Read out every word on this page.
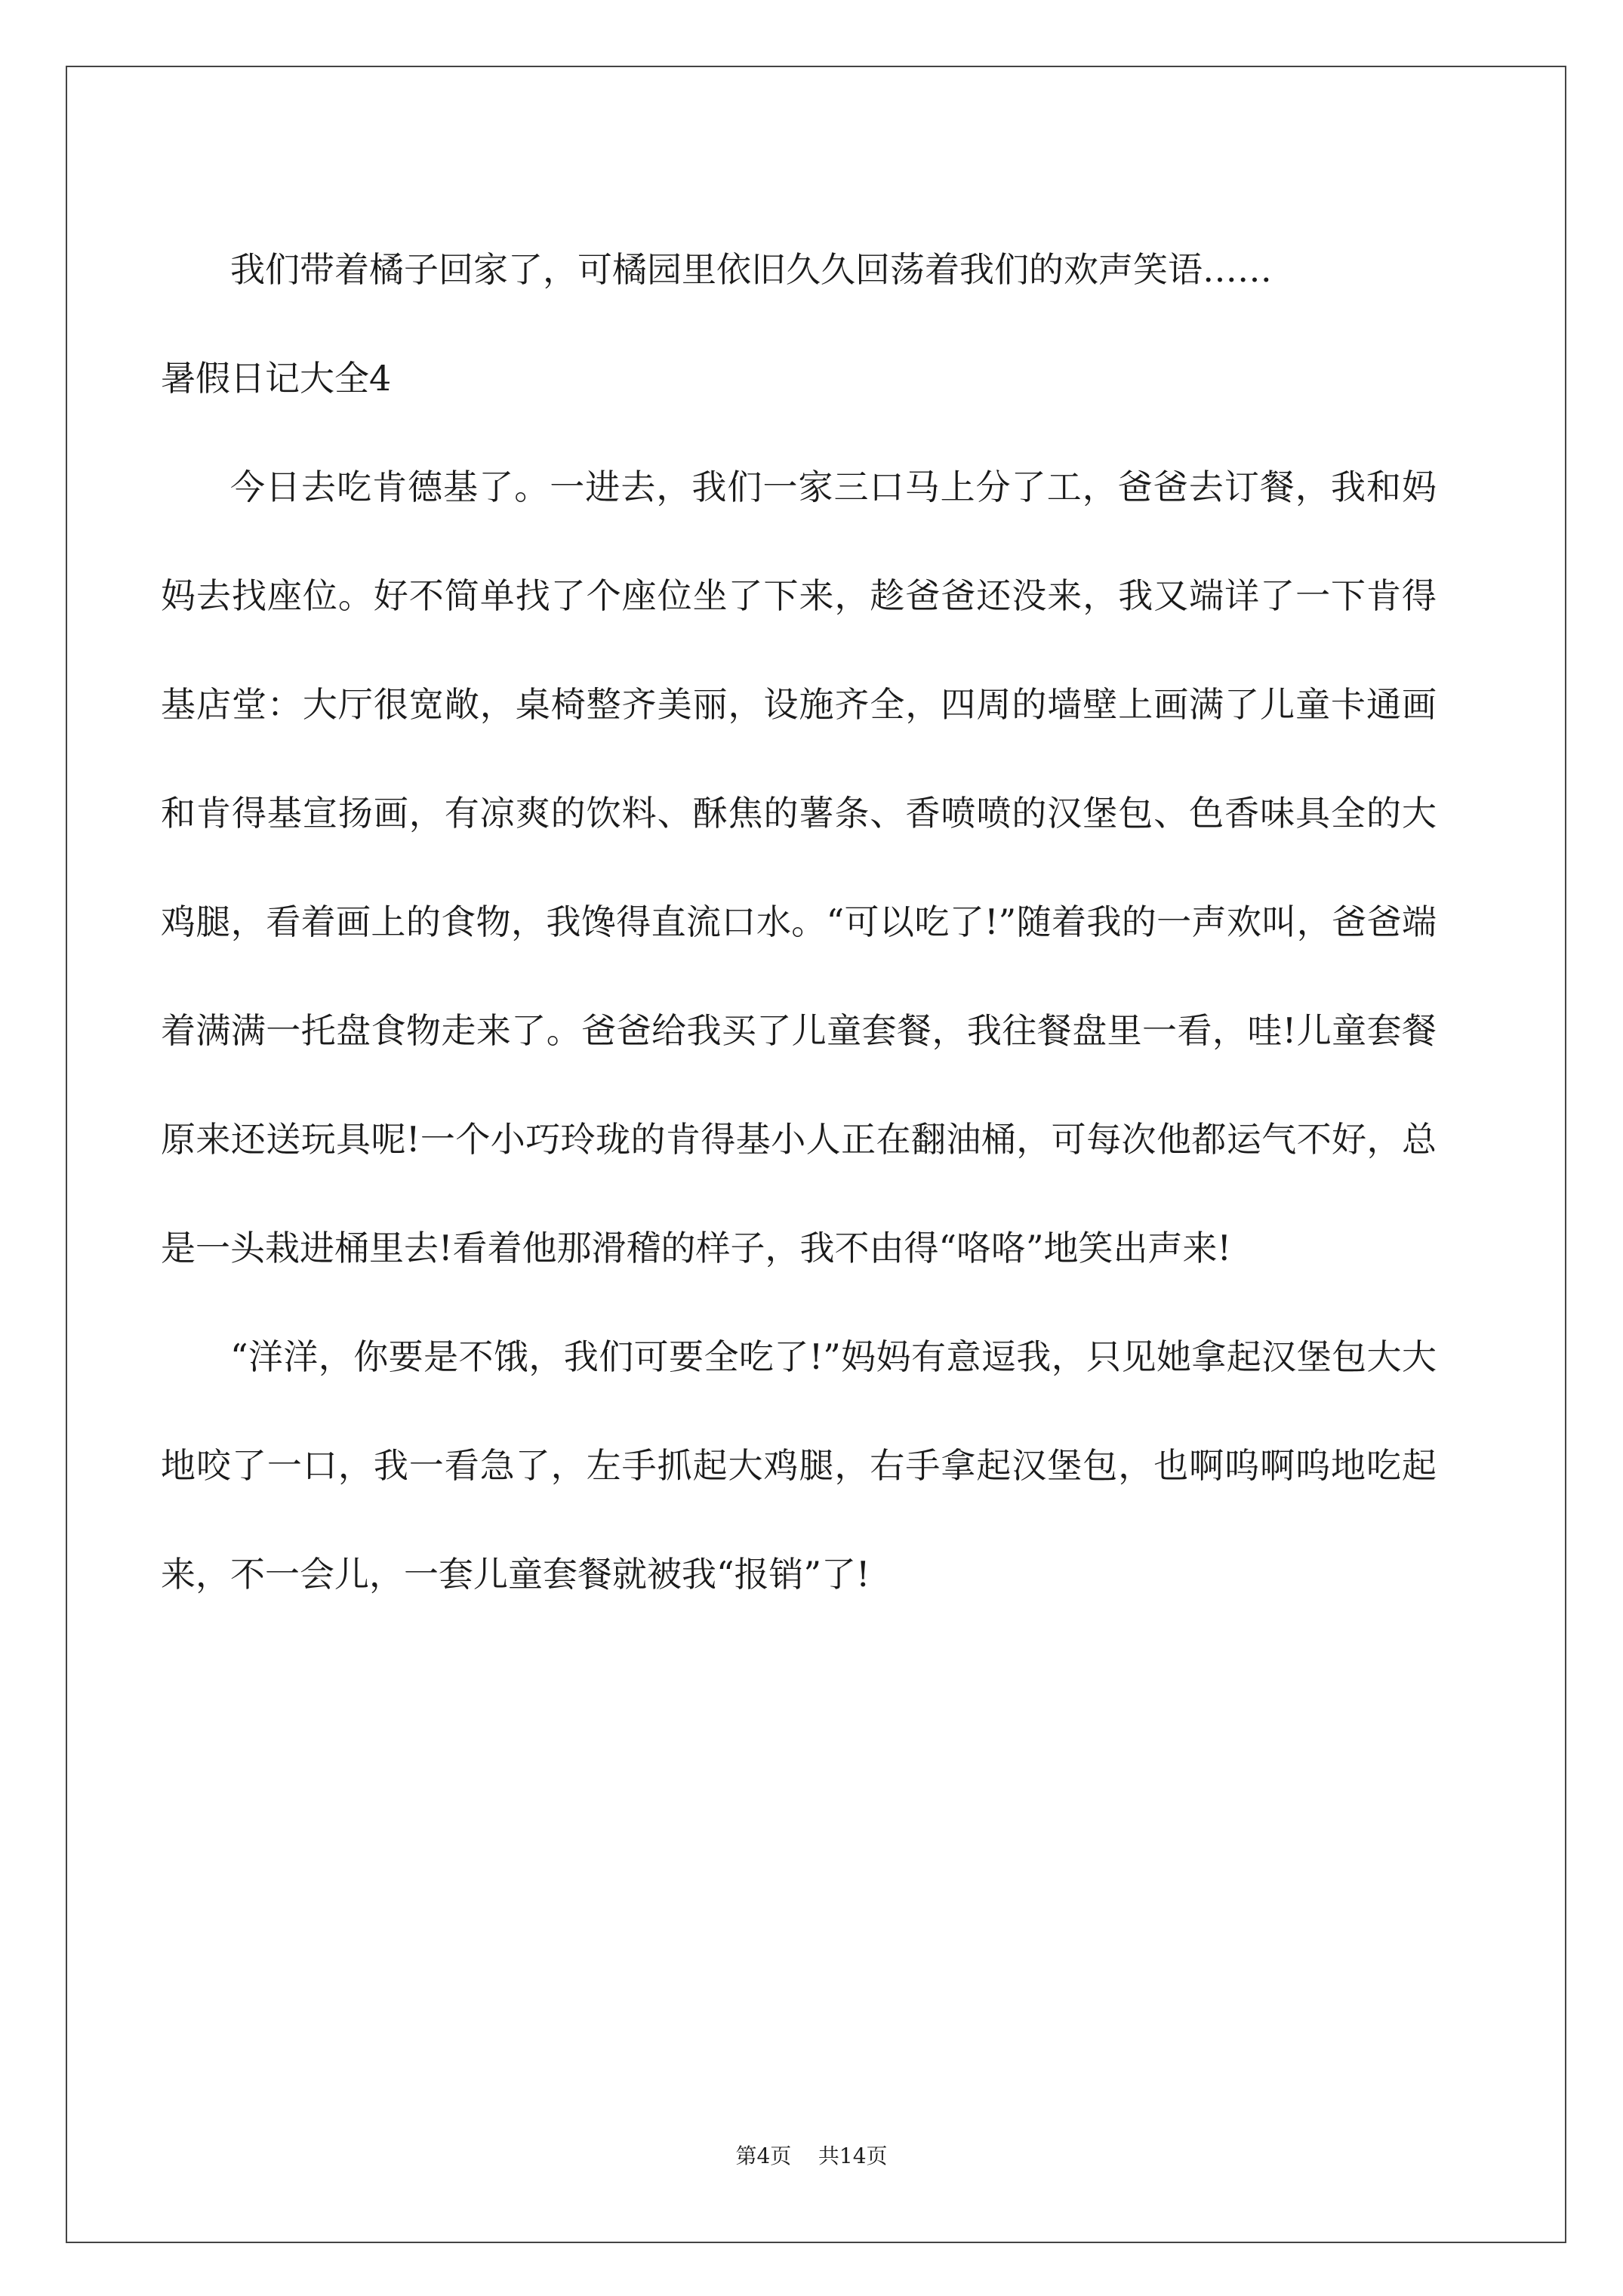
我们带着橘子回家了，可橘园里依旧久久回荡着我们的欢声笑语……

暑假日记大全4

今日去吃肯德基了。一进去，我们一家三口马上分了工，爸爸去订餐，我和妈妈去找座位。好不简单找了个座位坐了下来，趁爸爸还没来，我又端详了一下肯得基店堂：大厅很宽敞，桌椅整齐美丽，设施齐全，四周的墙壁上画满了儿童卡通画和肯得基宣扬画，有凉爽的饮料、酥焦的薯条、香喷喷的汉堡包、色香味具全的大鸡腿，看着画上的食物，我馋得直流口水。“可以吃了!”随着我的一声欢叫，爸爸端着满满一托盘食物走来了。爸爸给我买了儿童套餐，我往餐盘里一看，哇!儿童套餐原来还送玩具呢!一个小巧玲珑的肯得基小人正在翻油桶，可每次他都运气不好，总是一头栽进桶里去!看着他那滑稽的样子，我不由得“咯咯”地笑出声来!

“洋洋，你要是不饿，我们可要全吃了!”妈妈有意逗我，只见她拿起汉堡包大大地咬了一口，我一看急了，左手抓起大鸡腿，右手拿起汉堡包，也啊呜啊呜地吃起来，不一会儿，一套儿童套餐就被我“报销”了!

第4页 共14页
